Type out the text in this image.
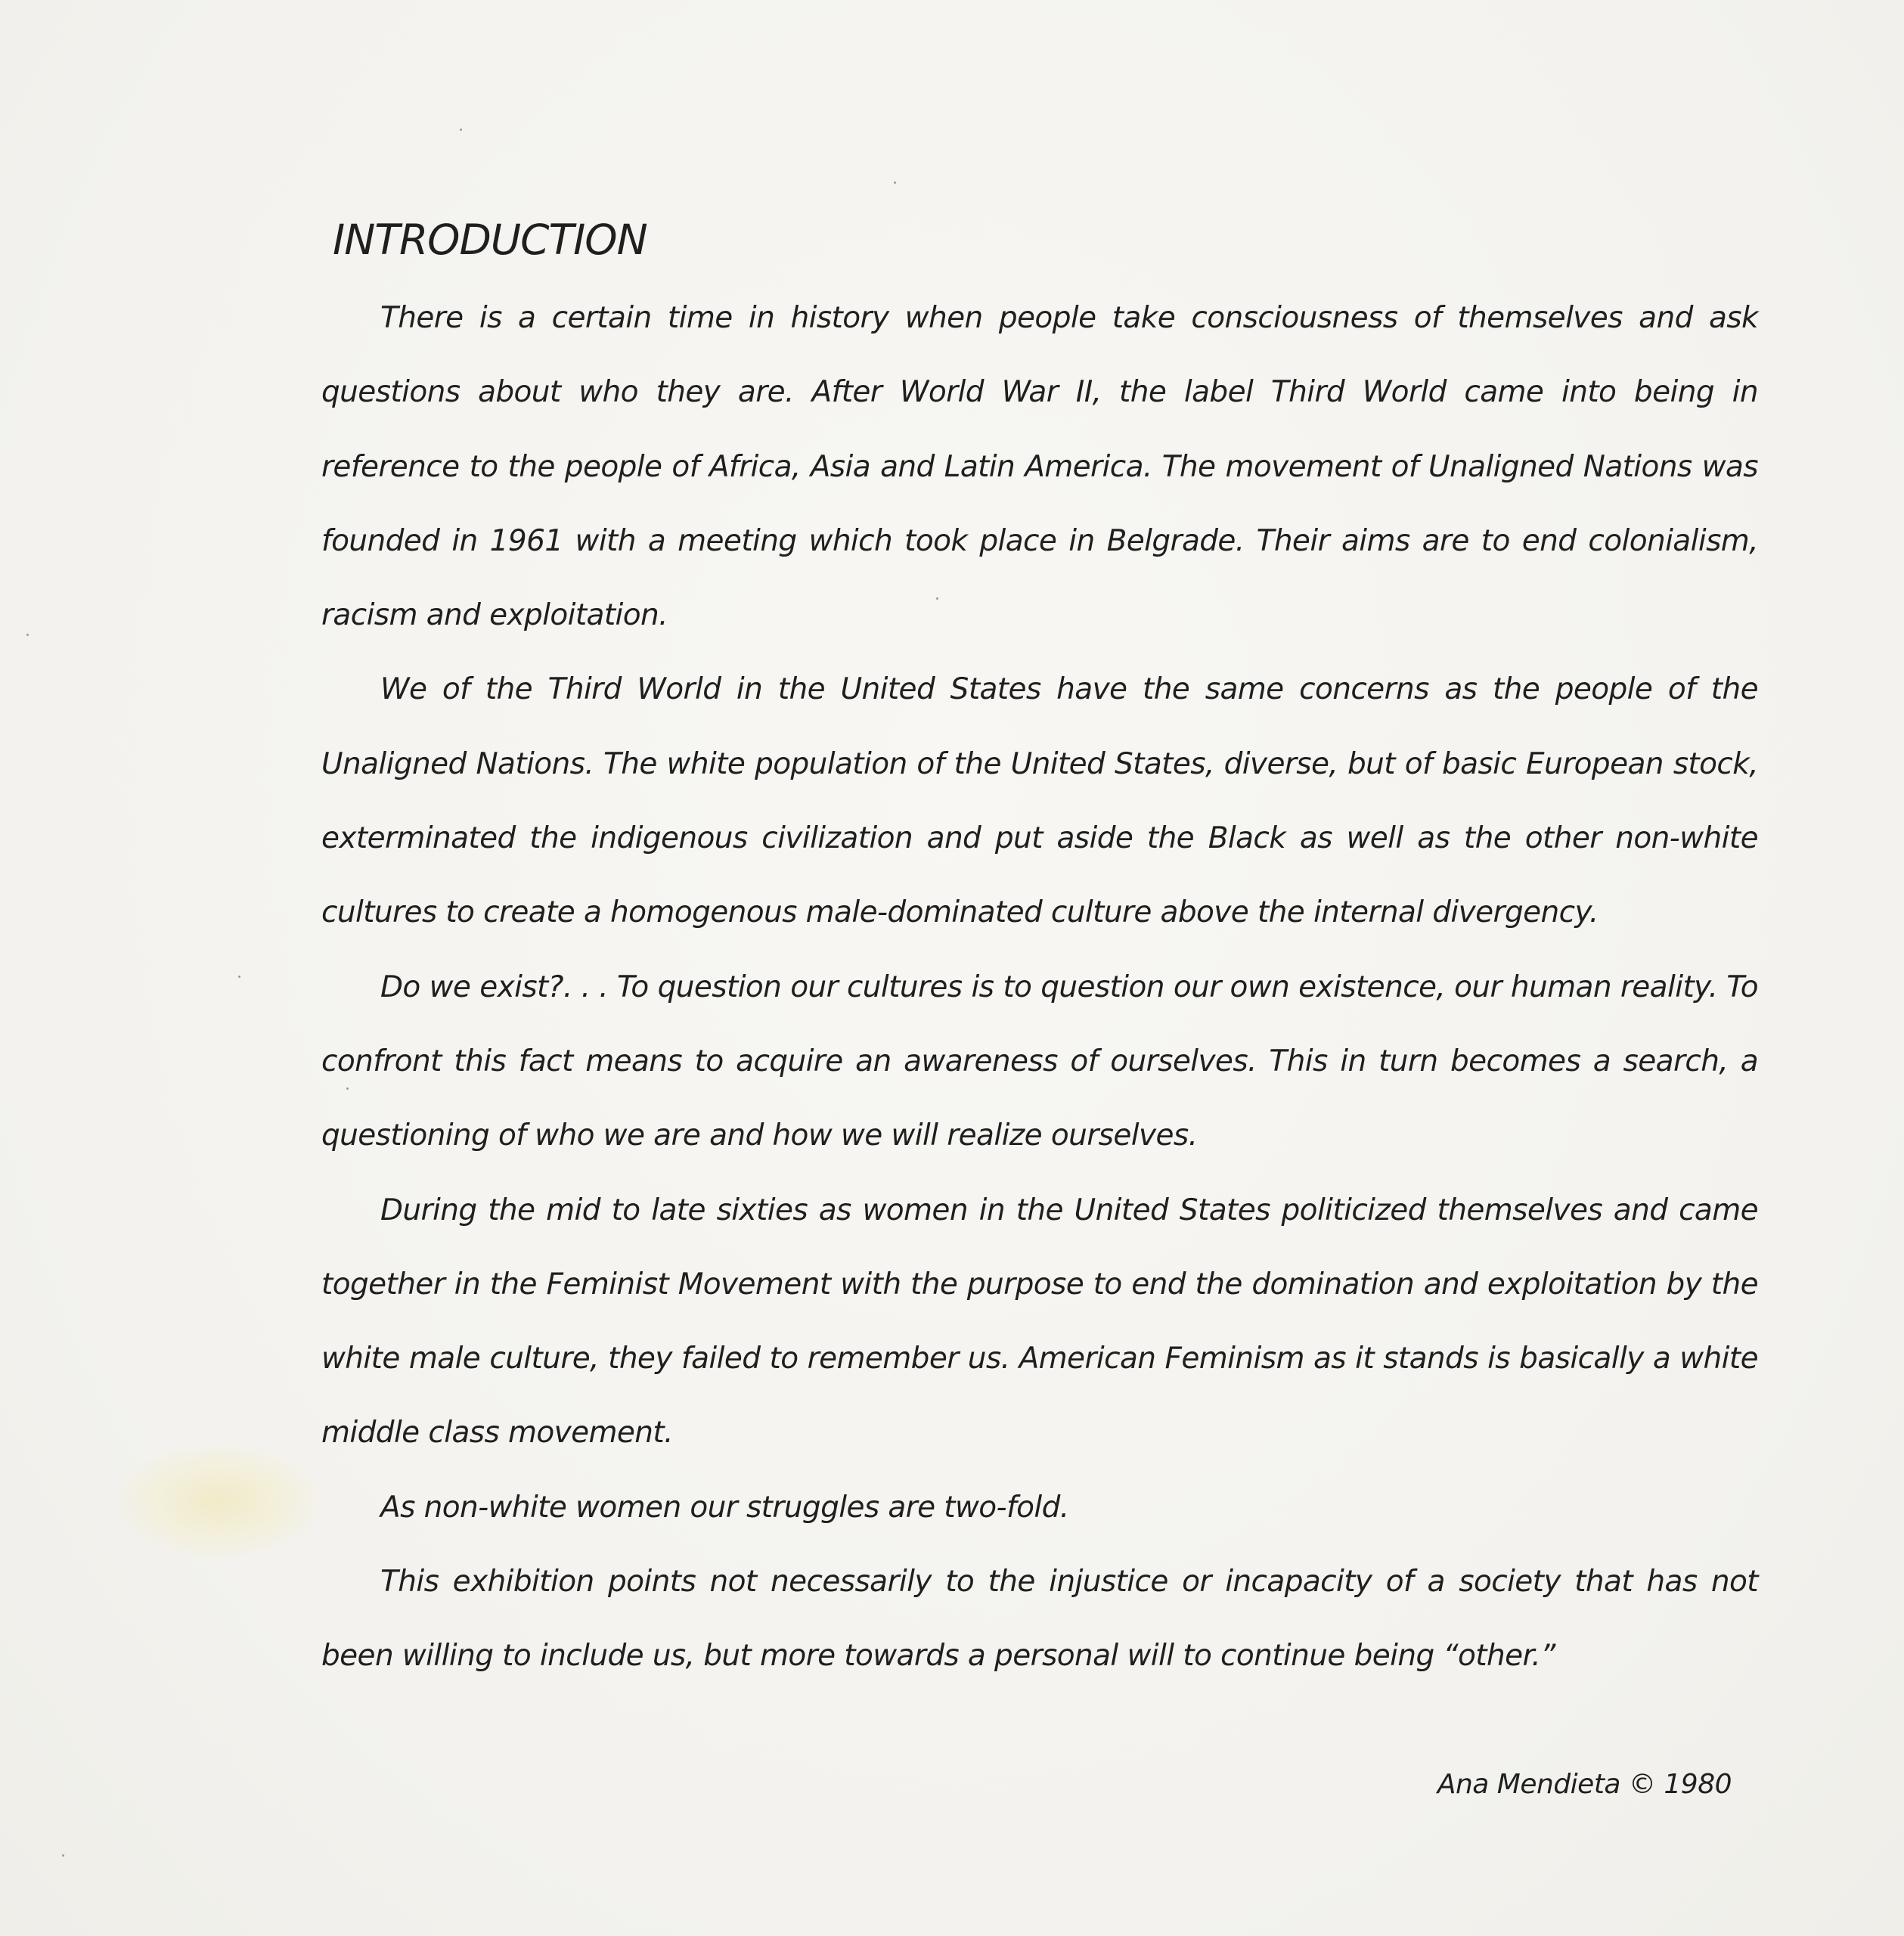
INTRODUCTION

There is a certain time in history when people take consciousness of themselves and ask questions about who they are. After World War II, the label Third World came into being in reference to the people of Africa, Asia and Latin America. The movement of Unaligned Nations was founded in 1961 with a meeting which took place in Belgrade. Their aims are to end colonialism, racism and exploitation.

We of the Third World in the United States have the same concerns as the people of the Unaligned Nations. The white population of the United States, diverse, but of basic European stock, exterminated the indigenous civilization and put aside the Black as well as the other non-white cultures to create a homogenous male-dominated culture above the internal divergency.

Do we exist?. . . To question our cultures is to question our own existence, our human reality. To confront this fact means to acquire an awareness of ourselves. This in turn becomes a search, a questioning of who we are and how we will realize ourselves.

During the mid to late sixties as women in the United States politicized themselves and came together in the Feminist Movement with the purpose to end the domination and exploitation by the white male culture, they failed to remember us. American Feminism as it stands is basically a white middle class movement.

As non-white women our struggles are two-fold.

This exhibition points not necessarily to the injustice or incapacity of a society that has not been willing to include us, but more towards a personal will to continue being “other.”

Ana Mendieta © 1980
